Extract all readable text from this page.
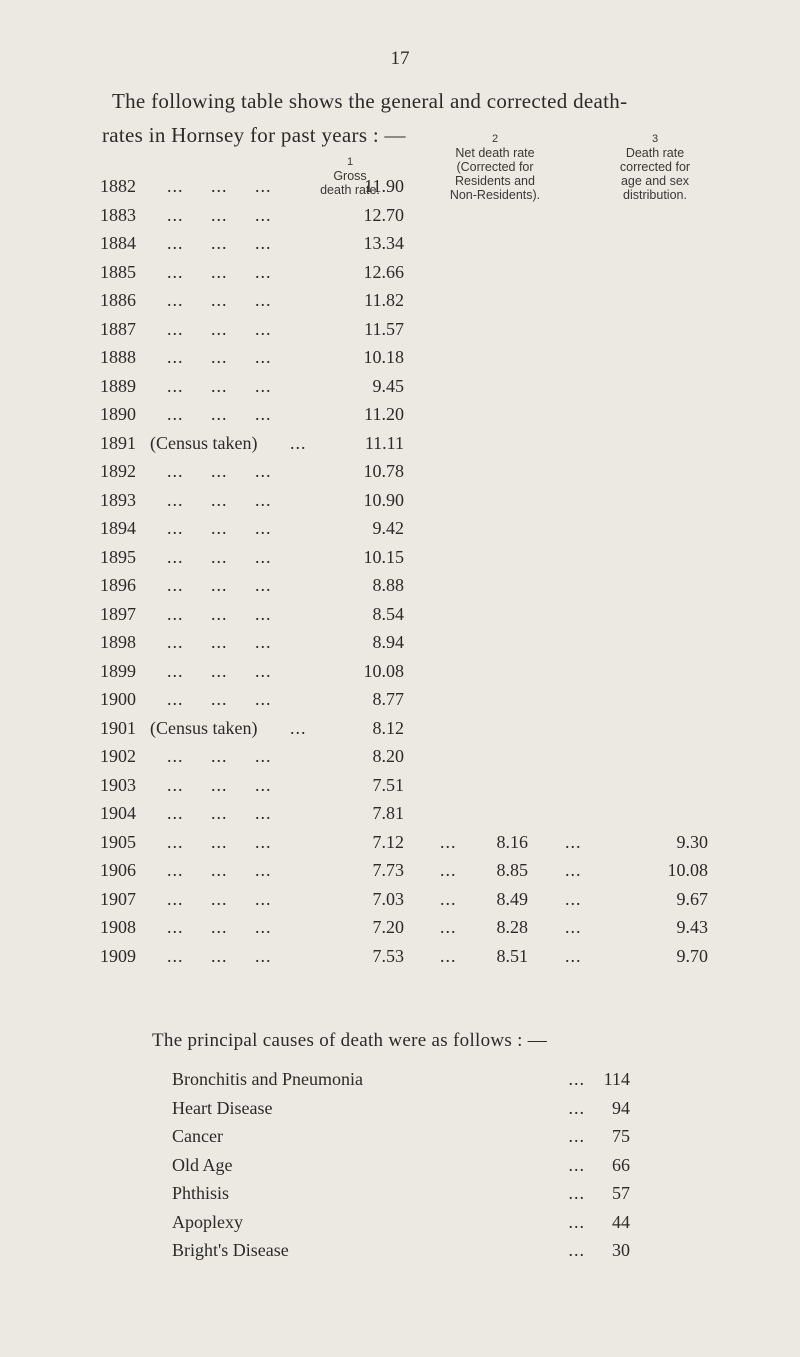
17
The following table shows the general and corrected death-
rates in Hornsey for past years : —
1
Gross
death rate.
2
Net death rate
(Corrected for
Residents and
Non-Residents).
3
Death rate
corrected for
age and sex
distribution.
1882 ...     ...     ...	11.90
1883 ...     ...     ...	12.70
1884 ...     ...     ...	13.34
1885 ...     ...     ...	12.66
1886 ...     ...     ...	11.82
1887 ...     ...     ...	11.57
1888 ...     ...     ...	10.18
1889 ...     ...     ...	9.45
1890 ...     ...     ...	11.20
1891 (Census taken) ...	11.11
1892 ...     ...     ...	10.78
1893 ...     ...     ...	10.90
1894 ...     ...     ...	9.42
1895 ...     ...     ...	10.15
1896 ...     ...     ...	8.88
1897 ...     ...     ...	8.54
1898 ...     ...     ...	8.94
1899 ...     ...     ...	10.08
1900 ...     ...     ...	8.77
1901 (Census taken) ...	8.12
1902 ...     ...     ...	8.20
1903 ...     ...     ...	7.51
1904 ...     ...     ...	7.81
1905 ...     ...     ...	7.12 ... 8.16 ...	9.30
1906 ...     ...     ...	7.73 ... 8.85 ...	10.08
1907 ...     ...     ...	7.03 ... 8.49 ...	9.67
1908 ...     ...     ...	7.20 ... 8.28 ...	9.43
1909 ...     ...     ...	7.53 ... 8.51 ...	9.70
The principal causes of death were as follows : —
Bronchitis and Pneumonia	... 114
Heart Disease	... 94
Cancer	... 75
Old Age	... 66
Phthisis	... 57
Apoplexy	... 44
Bright's Disease	... 30
